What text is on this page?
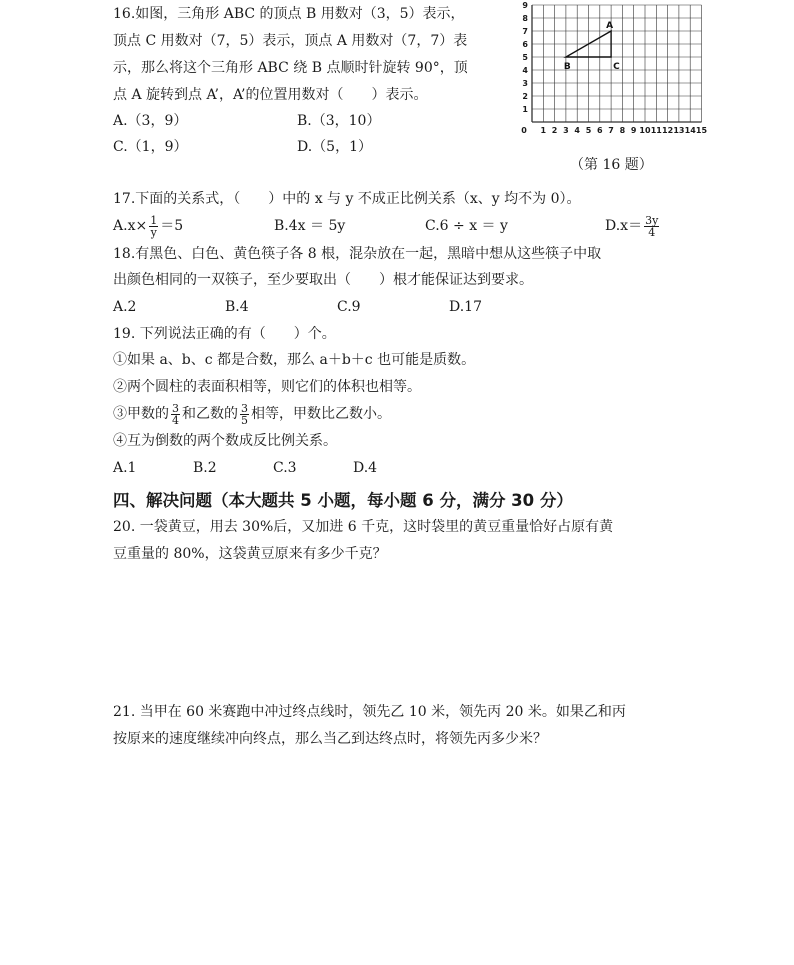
16.如图，三角形 ABC 的顶点 B 用数对（3，5）表示，
顶点 C 用数对（7，5）表示，顶点 A 用数对（7，7）表
示，那么将这个三角形 ABC 绕 B 点顺时针旋转 90°，顶
点 A 旋转到点 A’，A’的位置用数对（　　）表示。
A.（3，9）	B.（3，10）
C.（1，9）	D.（5，1）
0 1 2 3 4 5 6 7 8 9 10 11 12 13 14 15
1
2
3
4
5
6
7
8
9
A
B	C
（第 16 题）
17.下面的关系式，（　　）中的 x 与 y 不成正比例关系（x、y 均不为 0）。
$A.x\times \frac{1}{y} =5$	B.4x ＝ 5y	C.6 ÷ x ＝ y	$D.x= \frac{3y}{4}$
18.有黑色、白色、黄色筷子各 8 根，混杂放在一起，黑暗中想从这些筷子中取
出颜色相同的一双筷子，至少要取出（　　）根才能保证达到要求。
A.2	B.4	C.9	D.17
19. 下列说法正确的有（　　）个。
①如果 a、b、c 都是合数，那么 a＋b＋c 也可能是质数。
②两个圆柱的表面积相等，则它们的体积也相等。
③甲数的 $\frac{3}{4}$ 和乙数的 $\frac{3}{5}$ 相等，甲数比乙数小。
④互为倒数的两个数成反比例关系。
A.1	B.2	C.3	D.4
四、解决问题（本大题共 5 小题，每小题 6 分，满分 30 分）
20. 一袋黄豆，用去 30%后，又加进 6 千克，这时袋里的黄豆重量恰好占原有黄
豆重量的 80%，这袋黄豆原来有多少千克？
21. 当甲在 60 米赛跑中冲过终点线时，领先乙 10 米，领先丙 20 米。如果乙和丙
按原来的速度继续冲向终点，那么当乙到达终点时，将领先丙多少米？
